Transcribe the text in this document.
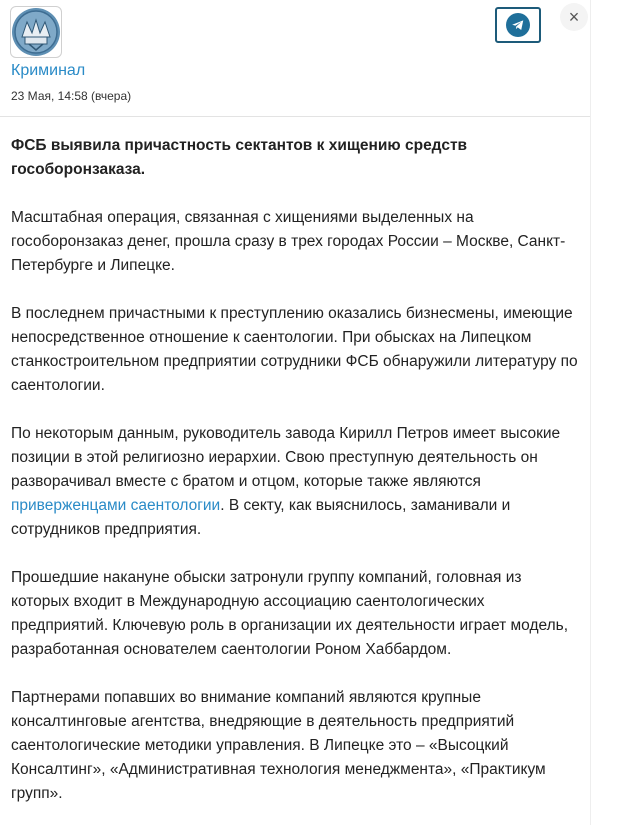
Криминал
23 Мая, 14:58 (вчера)
×

ФСБ выявила причастность сектантов к хищению средств гособоронзаказа.

Масштабная операция, связанная с хищениями выделенных на гособоронзаказ денег, прошла сразу в трех городах России – Москве, Санкт-Петербурге и Липецке.

В последнем причастными к преступлению оказались бизнесмены, имеющие непосредственное отношение к саентологии. При обысках на Липецком станкостроительном предприятии сотрудники ФСБ обнаружили литературу по саентологии.

По некоторым данным, руководитель завода Кирилл Петров имеет высокие позиции в этой религиозно иерархии. Свою преступную деятельность он разворачивал вместе с братом и отцом, которые также являются приверженцами саентологии. В секту, как выяснилось, заманивали и сотрудников предприятия.

Прошедшие накануне обыски затронули группу компаний, головная из которых входит в Международную ассоциацию саентологических предприятий. Ключевую роль в организации их деятельности играет модель, разработанная основателем саентологии Роном Хаббардом.

Партнерами попавших во внимание компаний являются крупные консалтинговые агентства, внедряющие в деятельность предприятий саентологические методики управления. В Липецке это – «Высоцкий Консалтинг», «Административная технология менеджмента», «Практикум групп».
